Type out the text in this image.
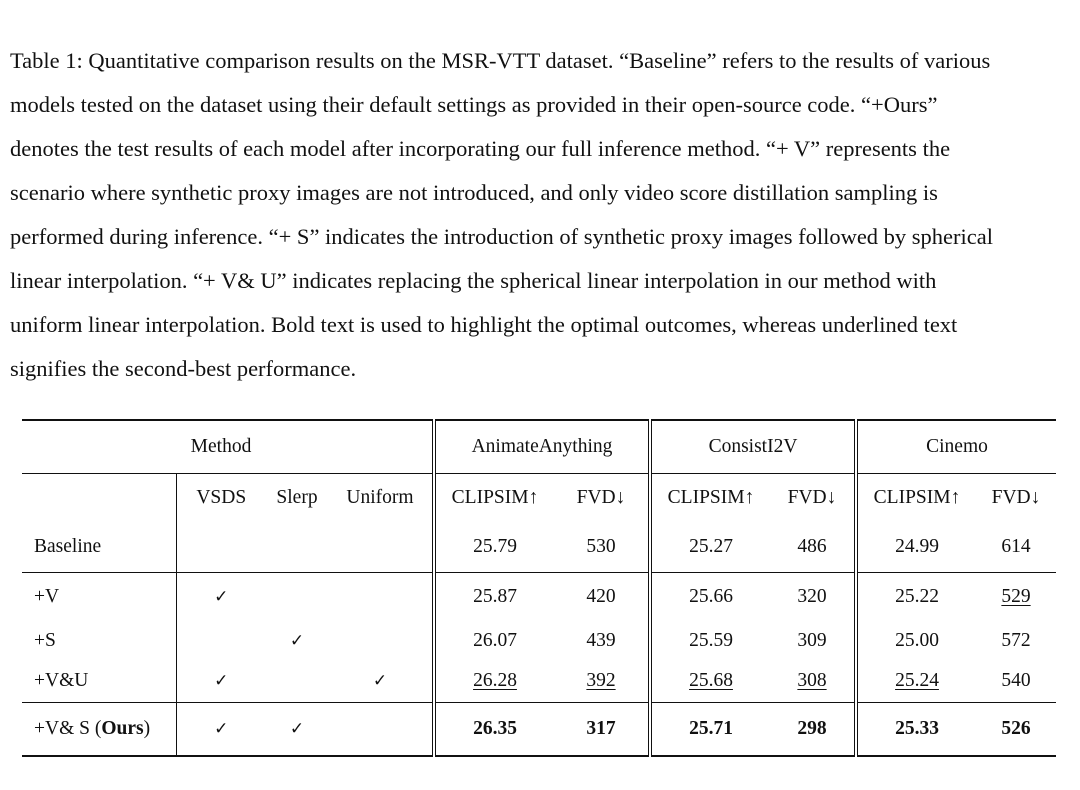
Table 1: Quantitative comparison results on the MSR-VTT dataset. “Baseline” refers to the results of various

models tested on the dataset using their default settings as provided in their open-source code. “+Ours”

denotes the test results of each model after incorporating our full inference method. “+ V” represents the

scenario where synthetic proxy images are not introduced, and only video score distillation sampling is

performed during inference. “+ S” indicates the introduction of synthetic proxy images followed by spherical

linear interpolation. “+ V& U” indicates replacing the spherical linear interpolation in our method with

uniform linear interpolation. Bold text is used to highlight the optimal outcomes, whereas underlined text

signifies the second-best performance.

	Method			AnimateAnything		ConsistI2V		Cinemo	
	VSDS	Slerp	Uniform	CLIPSIM↑	FVD↓	CLIPSIM↑	FVD↓	CLIPSIM↑	FVD↓
Baseline				25.79	530	25.27	486	24.99	614
+V	✓			25.87	420	25.66	320	25.22	529
+S		✓		26.07	439	25.59	309	25.00	572
+V&U	✓		✓	26.28	392	25.68	308	25.24	540
+V& S (Ours)	✓	✓		26.35	317	25.71	298	25.33	526
